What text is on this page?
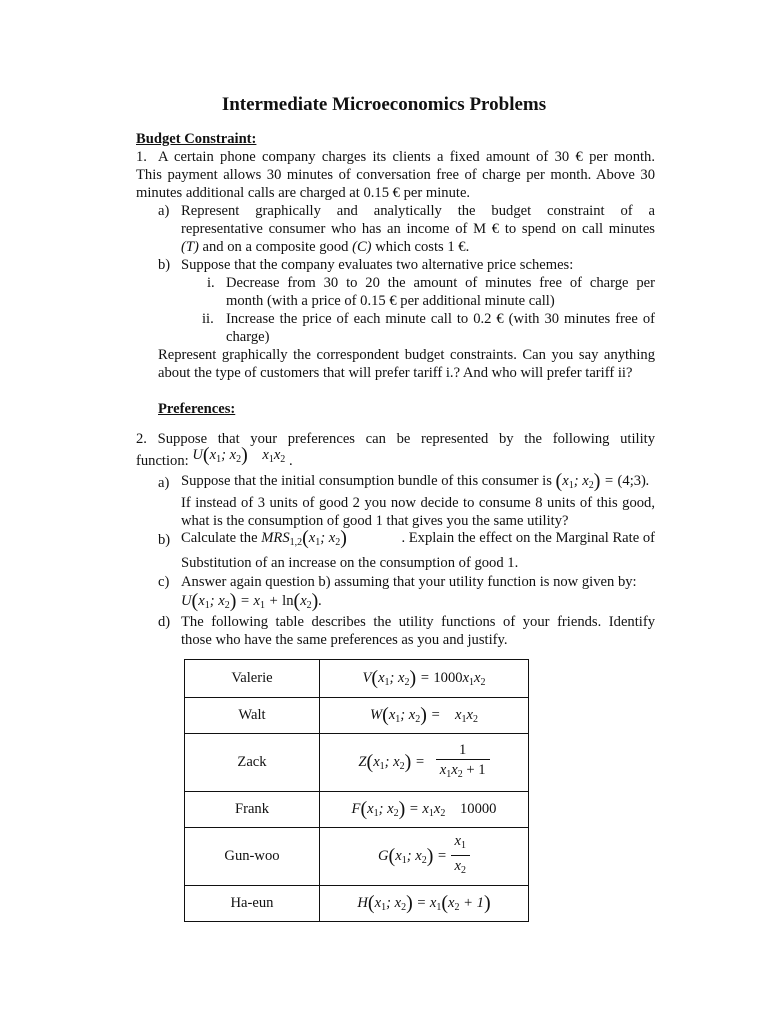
Intermediate Microeconomics Problems
Budget Constraint:
1. A certain phone company charges its clients a fixed amount of 30 € per month.
This payment allows 30 minutes of conversation free of charge per month. Above 30
minutes additional calls are charged at 0.15 € per minute.
a) Represent graphically and analytically the budget constraint of a
representative consumer who has an income of M € to spend on call minutes
(T) and on a composite good (C) which costs 1 €.
b) Suppose that the company evaluates two alternative price schemes:
i. Decrease from 30 to 20 the amount of minutes free of charge per
month (with a price of 0.15 € per additional minute call)
ii. Increase the price of each minute call to 0.2 € (with 30 minutes free of
charge)
Represent graphically the correspondent budget constraints. Can you say anything
about the type of customers that will prefer tariff i.? And who will prefer tariff ii?
Preferences:
2. Suppose that your preferences can be represented by the following utility
function: $U(x_1$; $x_2$)    $x_1x_2$ .
a) Suppose that the initial consumption bundle of this consumer is ($x_1$; $x_2$) = (4;3).
If instead of 3 units of good 2 you now decide to consume 8 units of this good,
what is the consumption of good 1 that gives you the same utility?
b) Calculate the $MRS_{1,2}(x_1$; $x_2$)	. Explain the effect on the Marginal Rate of
Substitution of an increase on the consumption of good 1.
c) Answer again question b) assuming that your utility function is now given by:
$U(x_1$; $x_2) = x_1 + \ln(x_2)$.
d) The following table describes the utility functions of your friends. Identify
those who have the same preferences as you and justify.
Valerie	$V(x_1$; $x_2) = 1000x_1x_2$
Walt	$W(x_1$; $x_2$) =    $x_1x_2$
Zack	$Z(x_1$; $x_2) = \frac{1}{x_1x_2 + 1}$

Frank	$F(x_1$; $x_2) = x_1x_2$ 10000
Gun-woo	$G(x_1$; $x_2) = \frac{x_1}{x_2}$

Ha-eun	$H(x_1$; $x_2) = x_1(x_2 + 1)$
